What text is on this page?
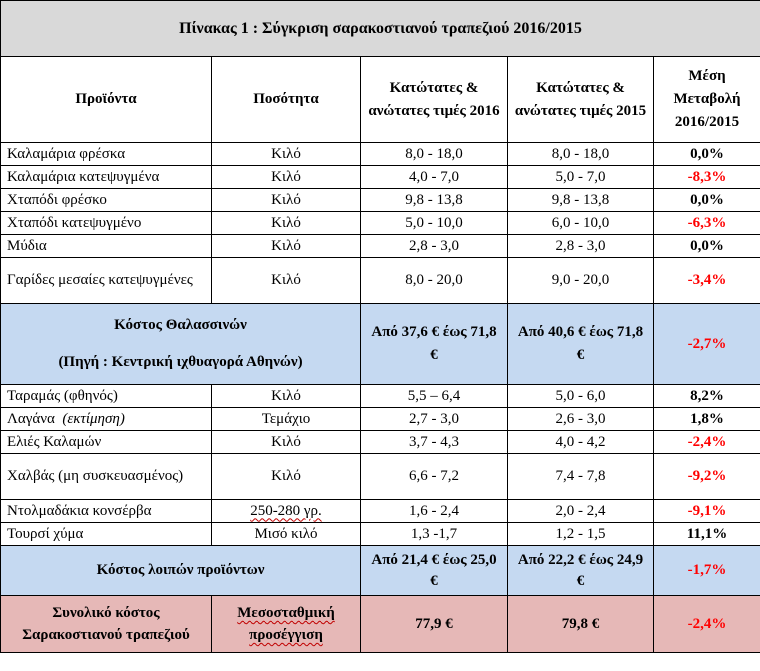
Πίνακας 1 : Σύγκριση σαρακοστιανού τραπεζιού 2016/2015				
Προϊόντα	Ποσότητα	Κατώτατες & ανώτατες τιμές 2016	Κατώτατες & ανώτατες τιμές 2015	Μέση Μεταβολή 2016/2015
Καλαμάρια φρέσκα	Κιλό	8,0 - 18,0	8,0 - 18,0	0,0%
Καλαμάρια κατεψυγμένα	Κιλό	4,0 - 7,0	5,0 - 7,0	-8,3%
Χταπόδι φρέσκο	Κιλό	9,8 - 13,8	9,8 - 13,8	0,0%
Χταπόδι κατεψυγμένο	Κιλό	5,0 - 10,0	6,0 - 10,0	-6,3%
Μύδια	Κιλό	2,8 - 3,0	2,8 - 3,0	0,0%
Γαρίδες μεσαίες κατεψυγμένες	Κιλό	8,0 - 20,0	9,0 - 20,0	-3,4%

Κόστος Θαλασσινών
(Πηγή : Κεντρική ιχθυαγορά Αθηνών)		Από 37,6 € έως 71,8 €	Από 40,6 € έως 71,8 €	-2,7%
Ταραμάς (φθηνός)	Κιλό	5,5 – 6,4	5,0 - 6,0	8,2%
Λαγάνα (εκτίμηση)	Τεμάχιο	2,7 - 3,0	2,6 - 3,0	1,8%
Ελιές Καλαμών	Κιλό	3,7 - 4,3	4,0 - 4,2	-2,4%
Χαλβάς (μη συσκευασμένος)	Κιλό	6,6 - 7,2	7,4 - 7,8	-9,2%
Ντολμαδάκια κονσέρβα	250-280 γρ.	1,6 - 2,4	2,0 - 2,4	-9,1%
Τουρσί χύμα	Μισό κιλό	1,3 -1,7	1,2 - 1,5	11,1%
Κόστος λοιπών προϊόντων		Από 21,4 € έως 25,0 €	Από 22,2 € έως 24,9 €	-1,7%
Συνολικό κόστος Σαρακοστιανού τραπεζιού	Μεσοσταθμική προσέγγιση	77,9 €	79,8 €	-2,4%
